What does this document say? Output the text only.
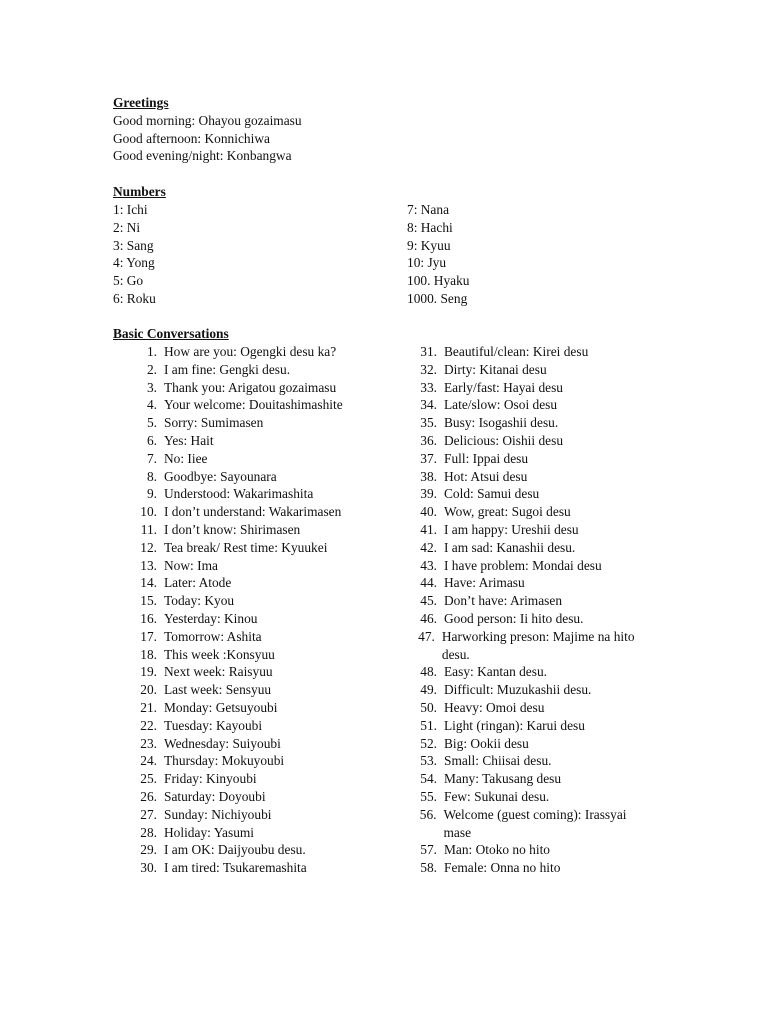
Greetings
Good morning: Ohayou gozaimasu
Good afternoon: Konnichiwa
Good evening/night: Konbangwa
Numbers
1: Ichi
2: Ni
3: Sang
4: Yong
5: Go
6: Roku
7: Nana
8: Hachi
9: Kyuu
10: Jyu
100. Hyaku
1000. Seng
Basic Conversations
1. How are you: Ogengki desu ka?
2. I am fine: Gengki desu.
3. Thank you: Arigatou gozaimasu
4. Your welcome: Douitashimashite
5. Sorry: Sumimasen
6. Yes: Hait
7. No: Iiee
8. Goodbye: Sayounara
9. Understood: Wakarimashita
10. I don’t understand: Wakarimasen
11. I don’t know: Shirimasen
12. Tea break/ Rest time: Kyuukei
13. Now: Ima
14. Later: Atode
15. Today: Kyou
16. Yesterday: Kinou
17. Tomorrow: Ashita
18. This week :Konsyuu
19. Next week: Raisyuu
20. Last week: Sensyuu
21. Monday: Getsuyoubi
22. Tuesday: Kayoubi
23. Wednesday: Suiyoubi
24. Thursday: Mokuyoubi
25. Friday: Kinyoubi
26. Saturday: Doyoubi
27. Sunday: Nichiyoubi
28. Holiday: Yasumi
29. I am OK: Daijyoubu desu.
30. I am tired: Tsukaremashita
31. Beautiful/clean: Kirei desu
32. Dirty: Kitanai desu
33. Early/fast: Hayai desu
34. Late/slow: Osoi desu
35. Busy: Isogashii desu.
36. Delicious: Oishii desu
37. Full: Ippai desu
38. Hot: Atsui desu
39. Cold: Samui desu
40. Wow, great: Sugoi desu
41. I am happy: Ureshii desu
42. I am sad: Kanashii desu.
43. I have problem: Mondai desu
44. Have: Arimasu
45. Don’t have: Arimasen
46. Good person: Ii hito desu.
47. Harworking preson: Majime na hito desu.
48. Easy: Kantan desu.
49. Difficult: Muzukashii desu.
50. Heavy: Omoi desu
51. Light (ringan): Karui desu
52. Big: Ookii desu
53. Small: Chiisai desu.
54. Many: Takusang desu
55. Few: Sukunai desu.
56. Welcome (guest coming): Irassyai mase
57. Man: Otoko no hito
58. Female: Onna no hito
